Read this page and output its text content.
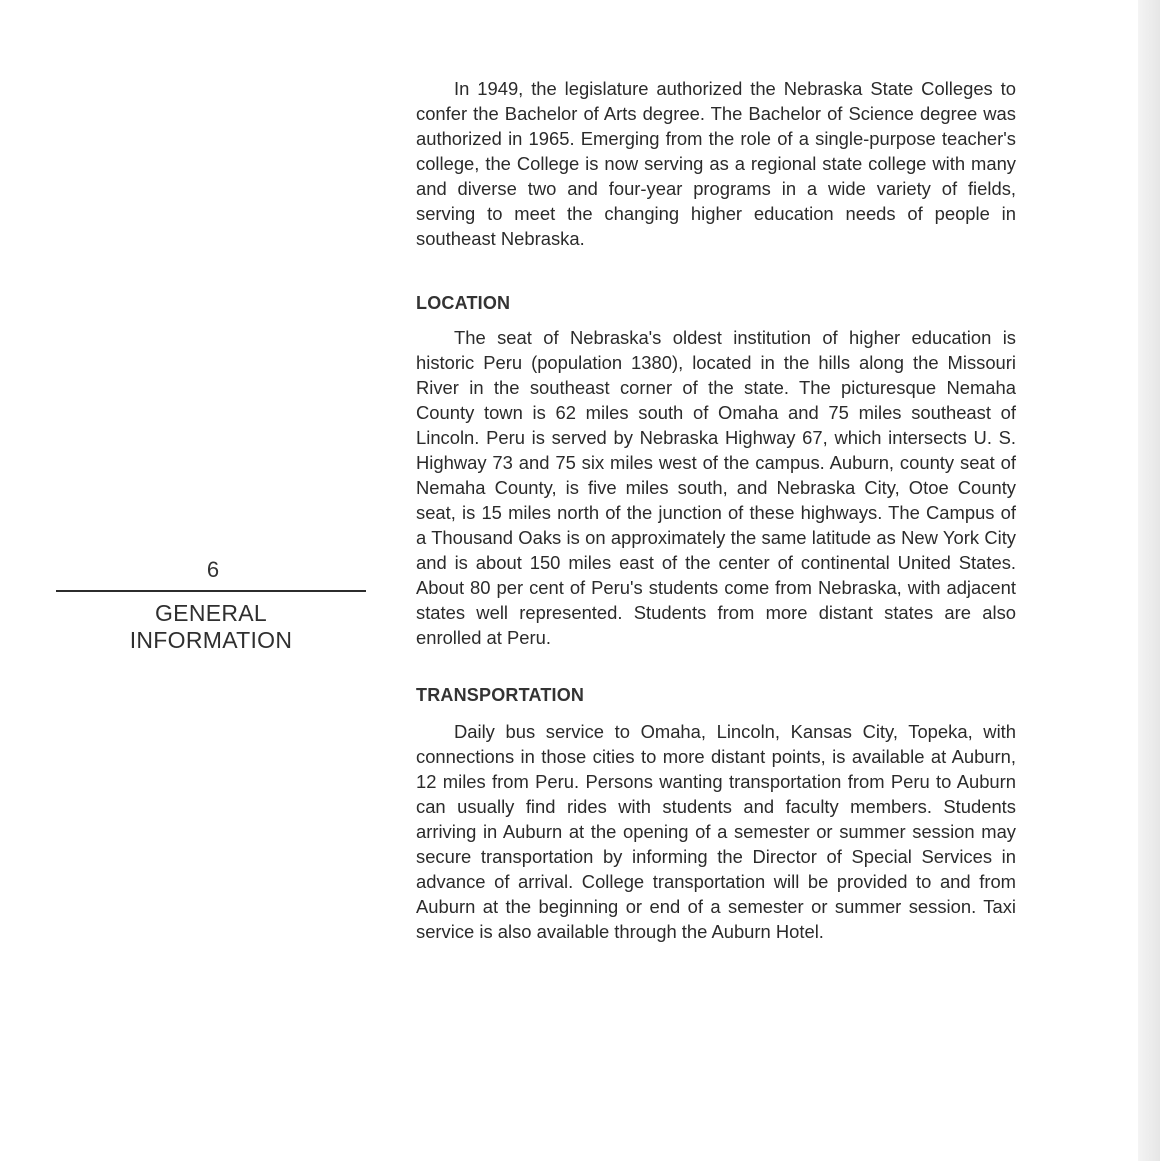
6
GENERAL
INFORMATION

In 1949, the legislature authorized the Nebraska State Colleges to confer the Bachelor of Arts degree. The Bachelor of Science degree was authorized in 1965. Emerging from the role of a single-purpose teacher's college, the College is now serving as a regional state college with many and diverse two and four-year programs in a wide variety of fields, serving to meet the changing higher education needs of people in southeast Nebraska.

LOCATION

The seat of Nebraska's oldest institution of higher education is historic Peru (population 1380), located in the hills along the Missouri River in the southeast corner of the state. The picturesque Nemaha County town is 62 miles south of Omaha and 75 miles southeast of Lincoln. Peru is served by Nebraska Highway 67, which intersects U. S. Highway 73 and 75 six miles west of the campus. Auburn, county seat of Nemaha County, is five miles south, and Nebraska City, Otoe County seat, is 15 miles north of the junction of these highways. The Campus of a Thousand Oaks is on approximately the same latitude as New York City and is about 150 miles east of the center of continental United States. About 80 per cent of Peru's students come from Nebraska, with adjacent states well represented. Students from more distant states are also enrolled at Peru.

TRANSPORTATION

Daily bus service to Omaha, Lincoln, Kansas City, Topeka, with connections in those cities to more distant points, is available at Auburn, 12 miles from Peru. Persons wanting transportation from Peru to Auburn can usually find rides with students and faculty members. Students arriving in Auburn at the opening of a semester or summer session may secure transportation by informing the Director of Special Services in advance of arrival. College transportation will be provided to and from Auburn at the beginning or end of a semester or summer session. Taxi service is also available through the Auburn Hotel.
